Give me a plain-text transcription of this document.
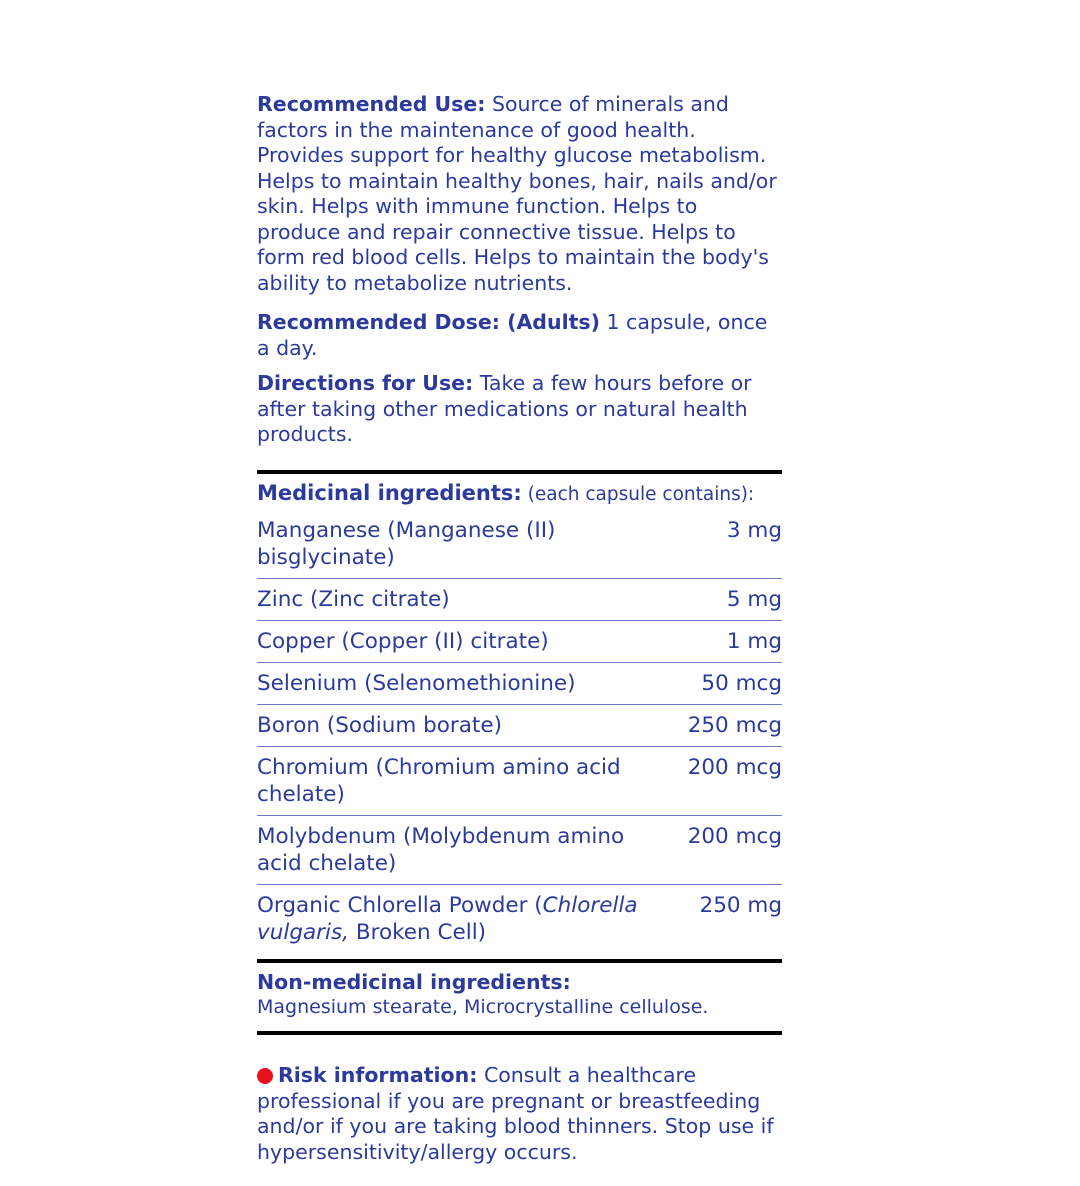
Recommended Use: Source of minerals and factors in the maintenance of good health. Provides support for healthy glucose metabolism. Helps to maintain healthy bones, hair, nails and/or skin. Helps with immune function. Helps to produce and repair connective tissue. Helps to form red blood cells. Helps to maintain the body's ability to metabolize nutrients.

Recommended Dose: (Adults) 1 capsule, once a day.

Directions for Use: Take a few hours before or after taking other medications or natural health products.

Medicinal ingredients: (each capsule contains):
Manganese (Manganese (II) bisglycinate)	3 mg
Zinc (Zinc citrate)	5 mg
Copper (Copper (II) citrate)	1 mg
Selenium (Selenomethionine)	50 mcg
Boron (Sodium borate)	250 mcg
Chromium (Chromium amino acid chelate)	200 mcg
Molybdenum (Molybdenum amino acid chelate)	200 mcg
Organic Chlorella Powder (Chlorella vulgaris, Broken Cell)	250 mg
Non-medicinal ingredients:
Magnesium stearate, Microcrystalline cellulose.

Risk information: Consult a healthcare professional if you are pregnant or breastfeeding and/or if you are taking blood thinners. Stop use if hypersensitivity/allergy occurs.
